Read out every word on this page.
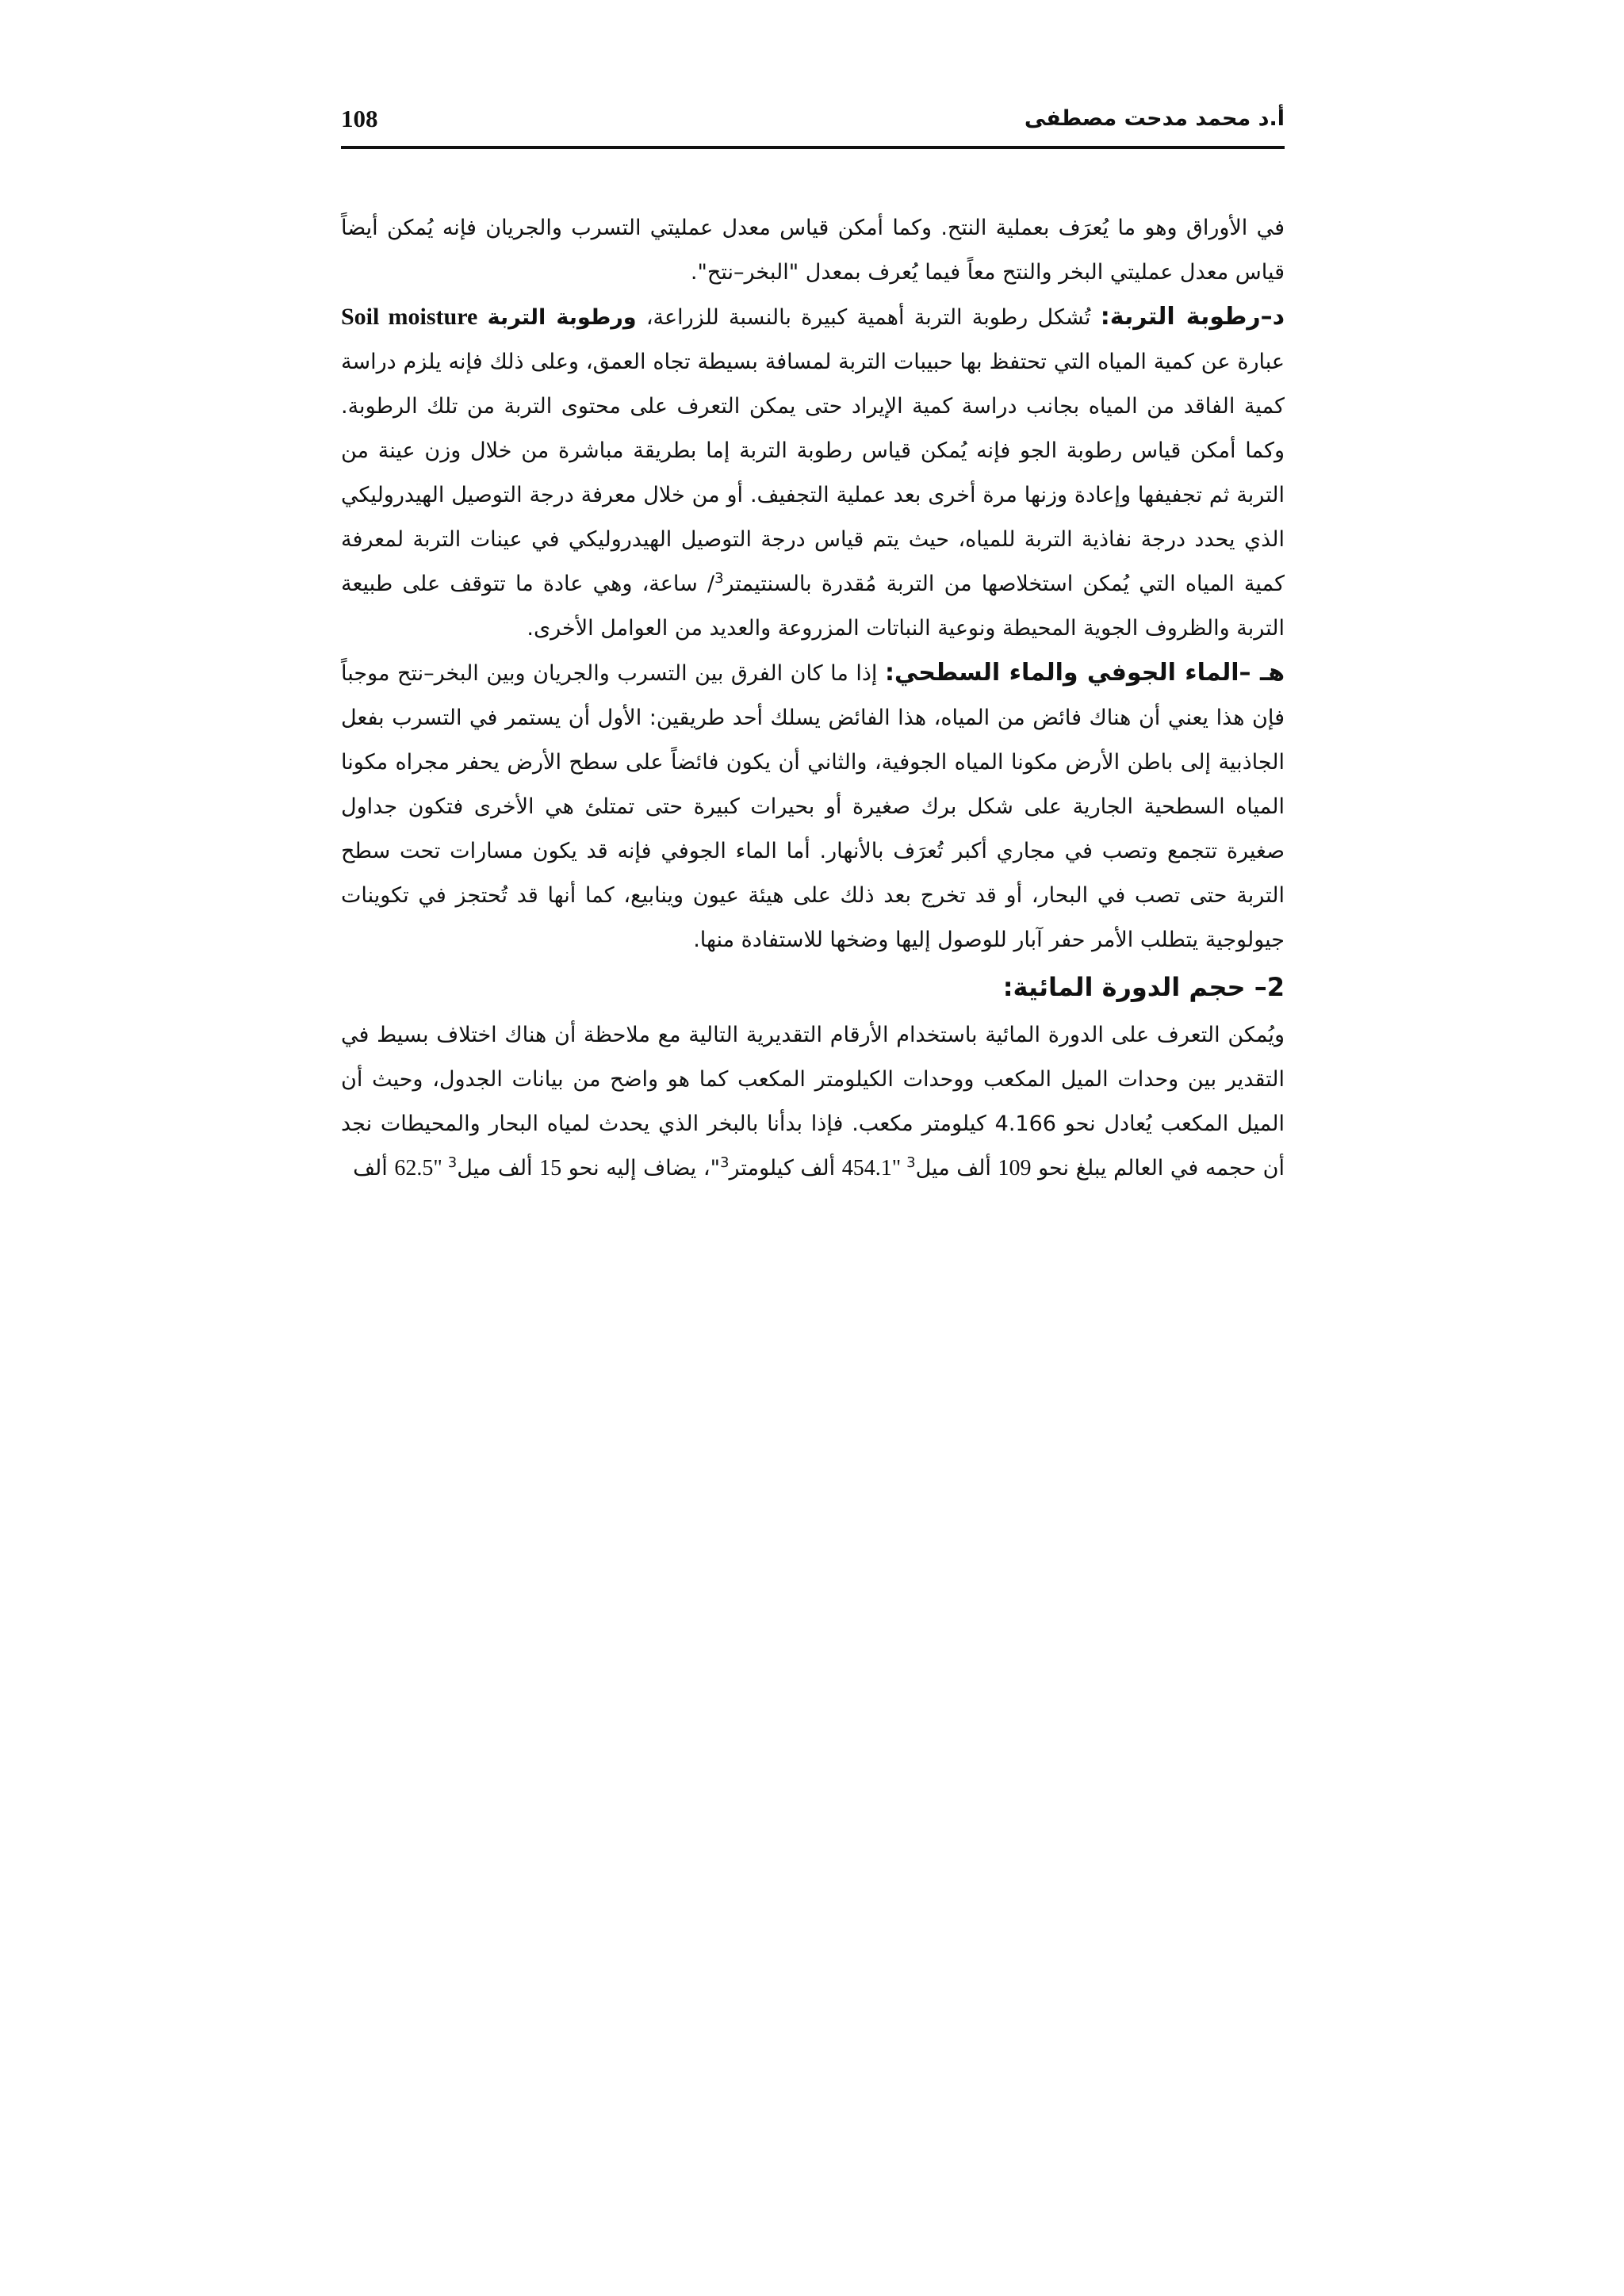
أ.د محمد مدحت مصطفى
108

في الأوراق وهو ما يُعرَف بعملية النتح. وكما أمكن قياس معدل عمليتي التسرب والجريان فإنه يُمكن أيضاً قياس معدل عمليتي البخر والنتح معاً فيما يُعرف بمعدل "البخر–نتح".

د–رطوبة التربة: تُشكل رطوبة التربة أهمية كبيرة بالنسبة للزراعة، ورطوبة التربة Soil moisture عبارة عن كمية المياه التي تحتفظ بها حبيبات التربة لمسافة بسيطة تجاه العمق، وعلى ذلك فإنه يلزم دراسة كمية الفاقد من المياه بجانب دراسة كمية الإيراد حتى يمكن التعرف على محتوى التربة من تلك الرطوبة. وكما أمكن قياس رطوبة الجو فإنه يُمكن قياس رطوبة التربة إما بطريقة مباشرة من خلال وزن عينة من التربة ثم تجفيفها وإعادة وزنها مرة أخرى بعد عملية التجفيف. أو من خلال معرفة درجة التوصيل الهيدروليكي الذي يحدد درجة نفاذية التربة للمياه، حيث يتم قياس درجة التوصيل الهيدروليكي في عينات التربة لمعرفة كمية المياه التي يُمكن استخلاصها من التربة مُقدرة بالسنتيمتر$^3$/ ساعة، وهي عادة ما تتوقف على طبيعة التربة والظروف الجوية المحيطة ونوعية النباتات المزروعة والعديد من العوامل الأخرى.

هـ –الماء الجوفي والماء السطحي: إذا ما كان الفرق بين التسرب والجريان وبين البخر–نتح موجباً فإن هذا يعني أن هناك فائض من المياه، هذا الفائض يسلك أحد طريقين: الأول أن يستمر في التسرب بفعل الجاذبية إلى باطن الأرض مكونا المياه الجوفية، والثاني أن يكون فائضاً على سطح الأرض يحفر مجراه مكونا المياه السطحية الجارية على شكل برك صغيرة أو بحيرات كبيرة حتى تمتلئ هي الأخرى فتكون جداول صغيرة تتجمع وتصب في مجاري أكبر تُعرَف بالأنهار. أما الماء الجوفي فإنه قد يكون مسارات تحت سطح التربة حتى تصب في البحار، أو قد تخرج بعد ذلك على هيئة عيون وينابيع، كما أنها قد تُحتجز في تكوينات جيولوجية يتطلب الأمر حفر آبار للوصول إليها وضخها للاستفادة منها.

2– حجم الدورة المائية:

ويُمكن التعرف على الدورة المائية باستخدام الأرقام التقديرية التالية مع ملاحظة أن هناك اختلاف بسيط في التقدير بين وحدات الميل المكعب ووحدات الكيلومتر المكعب كما هو واضح من بيانات الجدول، وحيث أن الميل المكعب يُعادل نحو 4.166 كيلومتر مكعب. فإذا بدأنا بالبخر الذي يحدث لمياه البحار والمحيطات نجد أن حجمه في العالم يبلغ نحو 109 ألف ميل$^3$ "454.1 ألف كيلومتر$^3$"، يضاف إليه نحو 15 ألف ميل$^3$ "62.5 ألف
